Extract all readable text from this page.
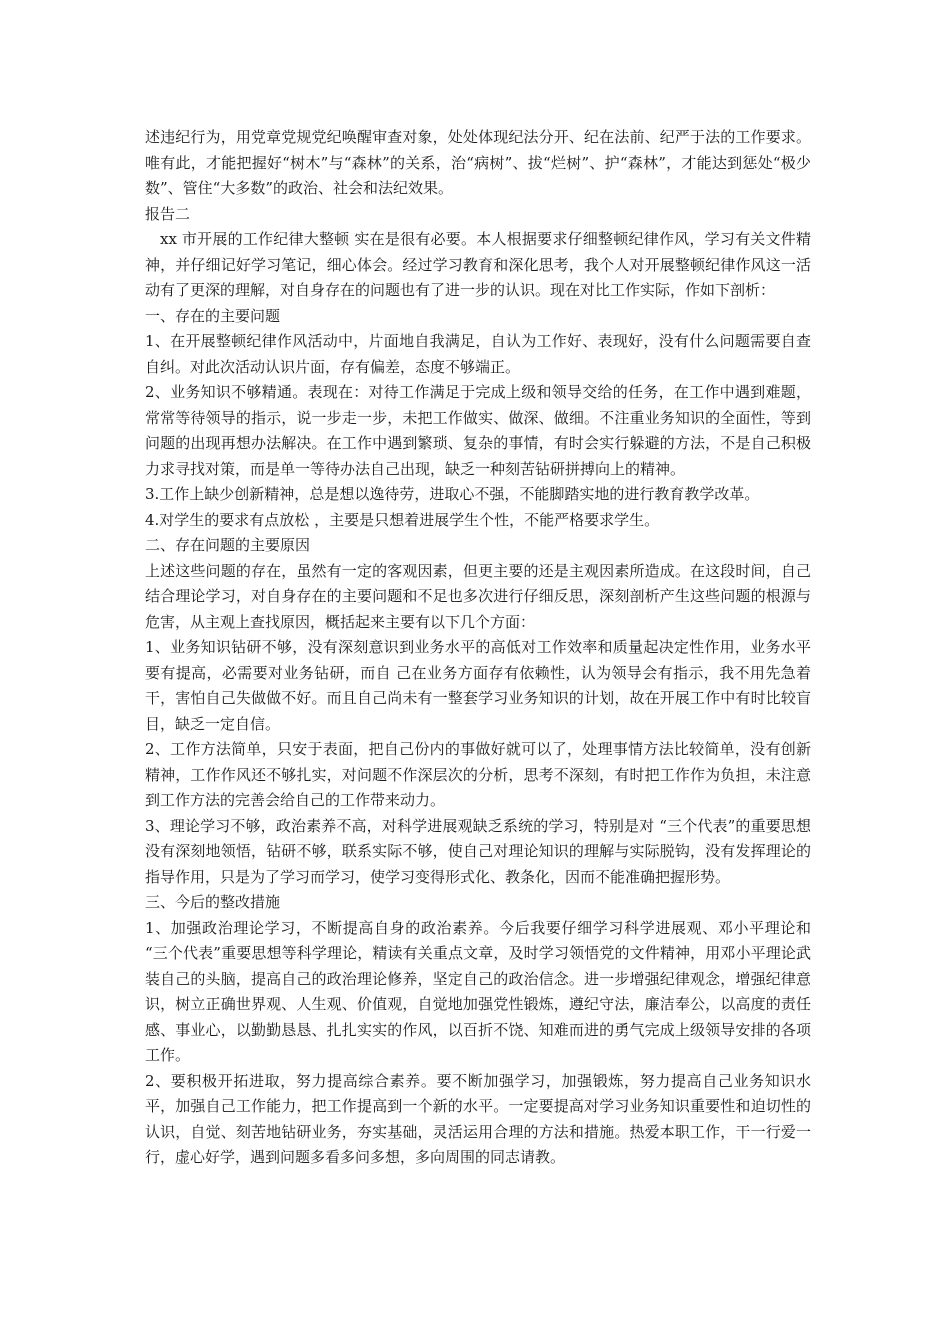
述违纪行为，用党章党规党纪唤醒审查对象，处处体现纪法分开、纪在法前、纪严于法的工作要求。唯有此，才能把握好“树木”与“森林”的关系，治“病树”、拔“烂树”、护“森林”，才能达到惩处“极少数”、管住“大多数”的政治、社会和法纪效果。

报告二

xx 市开展的工作纪律大整顿 实在是很有必要。本人根据要求仔细整顿纪律作风，学习有关文件精神，并仔细记好学习笔记，细心体会。经过学习教育和深化思考，我个人对开展整顿纪律作风这一活动有了更深的理解，对自身存在的问题也有了进一步的认识。现在对比工作实际，作如下剖析：

一、存在的主要问题

1、在开展整顿纪律作风活动中，片面地自我满足，自认为工作好、表现好，没有什么问题需要自查自纠。对此次活动认识片面，存有偏差，态度不够端正。

2、业务知识不够精通。表现在：对待工作满足于完成上级和领导交给的任务，在工作中遇到难题，常常等待领导的指示，说一步走一步，未把工作做实、做深、做细。不注重业务知识的全面性，等到问题的出现再想办法解决。在工作中遇到繁琐、复杂的事情，有时会实行躲避的方法，不是自己积极力求寻找对策，而是单一等待办法自己出现，缺乏一种刻苦钻研拼搏向上的精神。

3.工作上缺少创新精神，总是想以逸待劳，进取心不强，不能脚踏实地的进行教育教学改革。

4.对学生的要求有点放松 ，主要是只想着进展学生个性，不能严格要求学生。

二、存在问题的主要原因

上述这些问题的存在，虽然有一定的客观因素，但更主要的还是主观因素所造成。在这段时间，自己结合理论学习，对自身存在的主要问题和不足也多次进行仔细反思，深刻剖析产生这些问题的根源与危害，从主观上查找原因，概括起来主要有以下几个方面：

1、业务知识钻研不够，没有深刻意识到业务水平的高低对工作效率和质量起决定性作用，业务水平要有提高，必需要对业务钻研，而自 己在业务方面存有依赖性，认为领导会有指示，我不用先急着干，害怕自己失做做不好。而且自己尚未有一整套学习业务知识的计划，故在开展工作中有时比较盲目，缺乏一定自信。

2、工作方法简单，只安于表面，把自己份内的事做好就可以了，处理事情方法比较简单，没有创新精神，工作作风还不够扎实，对问题不作深层次的分析，思考不深刻，有时把工作作为负担，未注意到工作方法的完善会给自己的工作带来动力。

3、理论学习不够，政治素养不高，对科学进展观缺乏系统的学习，特别是对 “三个代表”的重要思想没有深刻地领悟，钻研不够，联系实际不够，使自己对理论知识的理解与实际脱钩，没有发挥理论的指导作用，只是为了学习而学习，使学习变得形式化、教条化，因而不能准确把握形势。

三、今后的整改措施

1、加强政治理论学习，不断提高自身的政治素养。今后我要仔细学习科学进展观、邓小平理论和 “三个代表”重要思想等科学理论，精读有关重点文章，及时学习领悟党的文件精神，用邓小平理论武装自己的头脑，提高自己的政治理论修养，坚定自己的政治信念。进一步增强纪律观念，增强纪律意识，树立正确世界观、人生观、价值观，自觉地加强党性锻炼，遵纪守法，廉洁奉公，以高度的责任感、事业心，以勤勤恳恳、扎扎实实的作风，以百折不饶、知难而进的勇气完成上级领导安排的各项工作。

2、要积极开拓进取，努力提高综合素养。要不断加强学习，加强锻炼，努力提高自己业务知识水平，加强自己工作能力，把工作提高到一个新的水平。一定要提高对学习业务知识重要性和迫切性的认识，自觉、刻苦地钻研业务，夯实基础，灵活运用合理的方法和措施。热爱本职工作，干一行爱一行，虚心好学，遇到问题多看多问多想，多向周围的同志请教。
